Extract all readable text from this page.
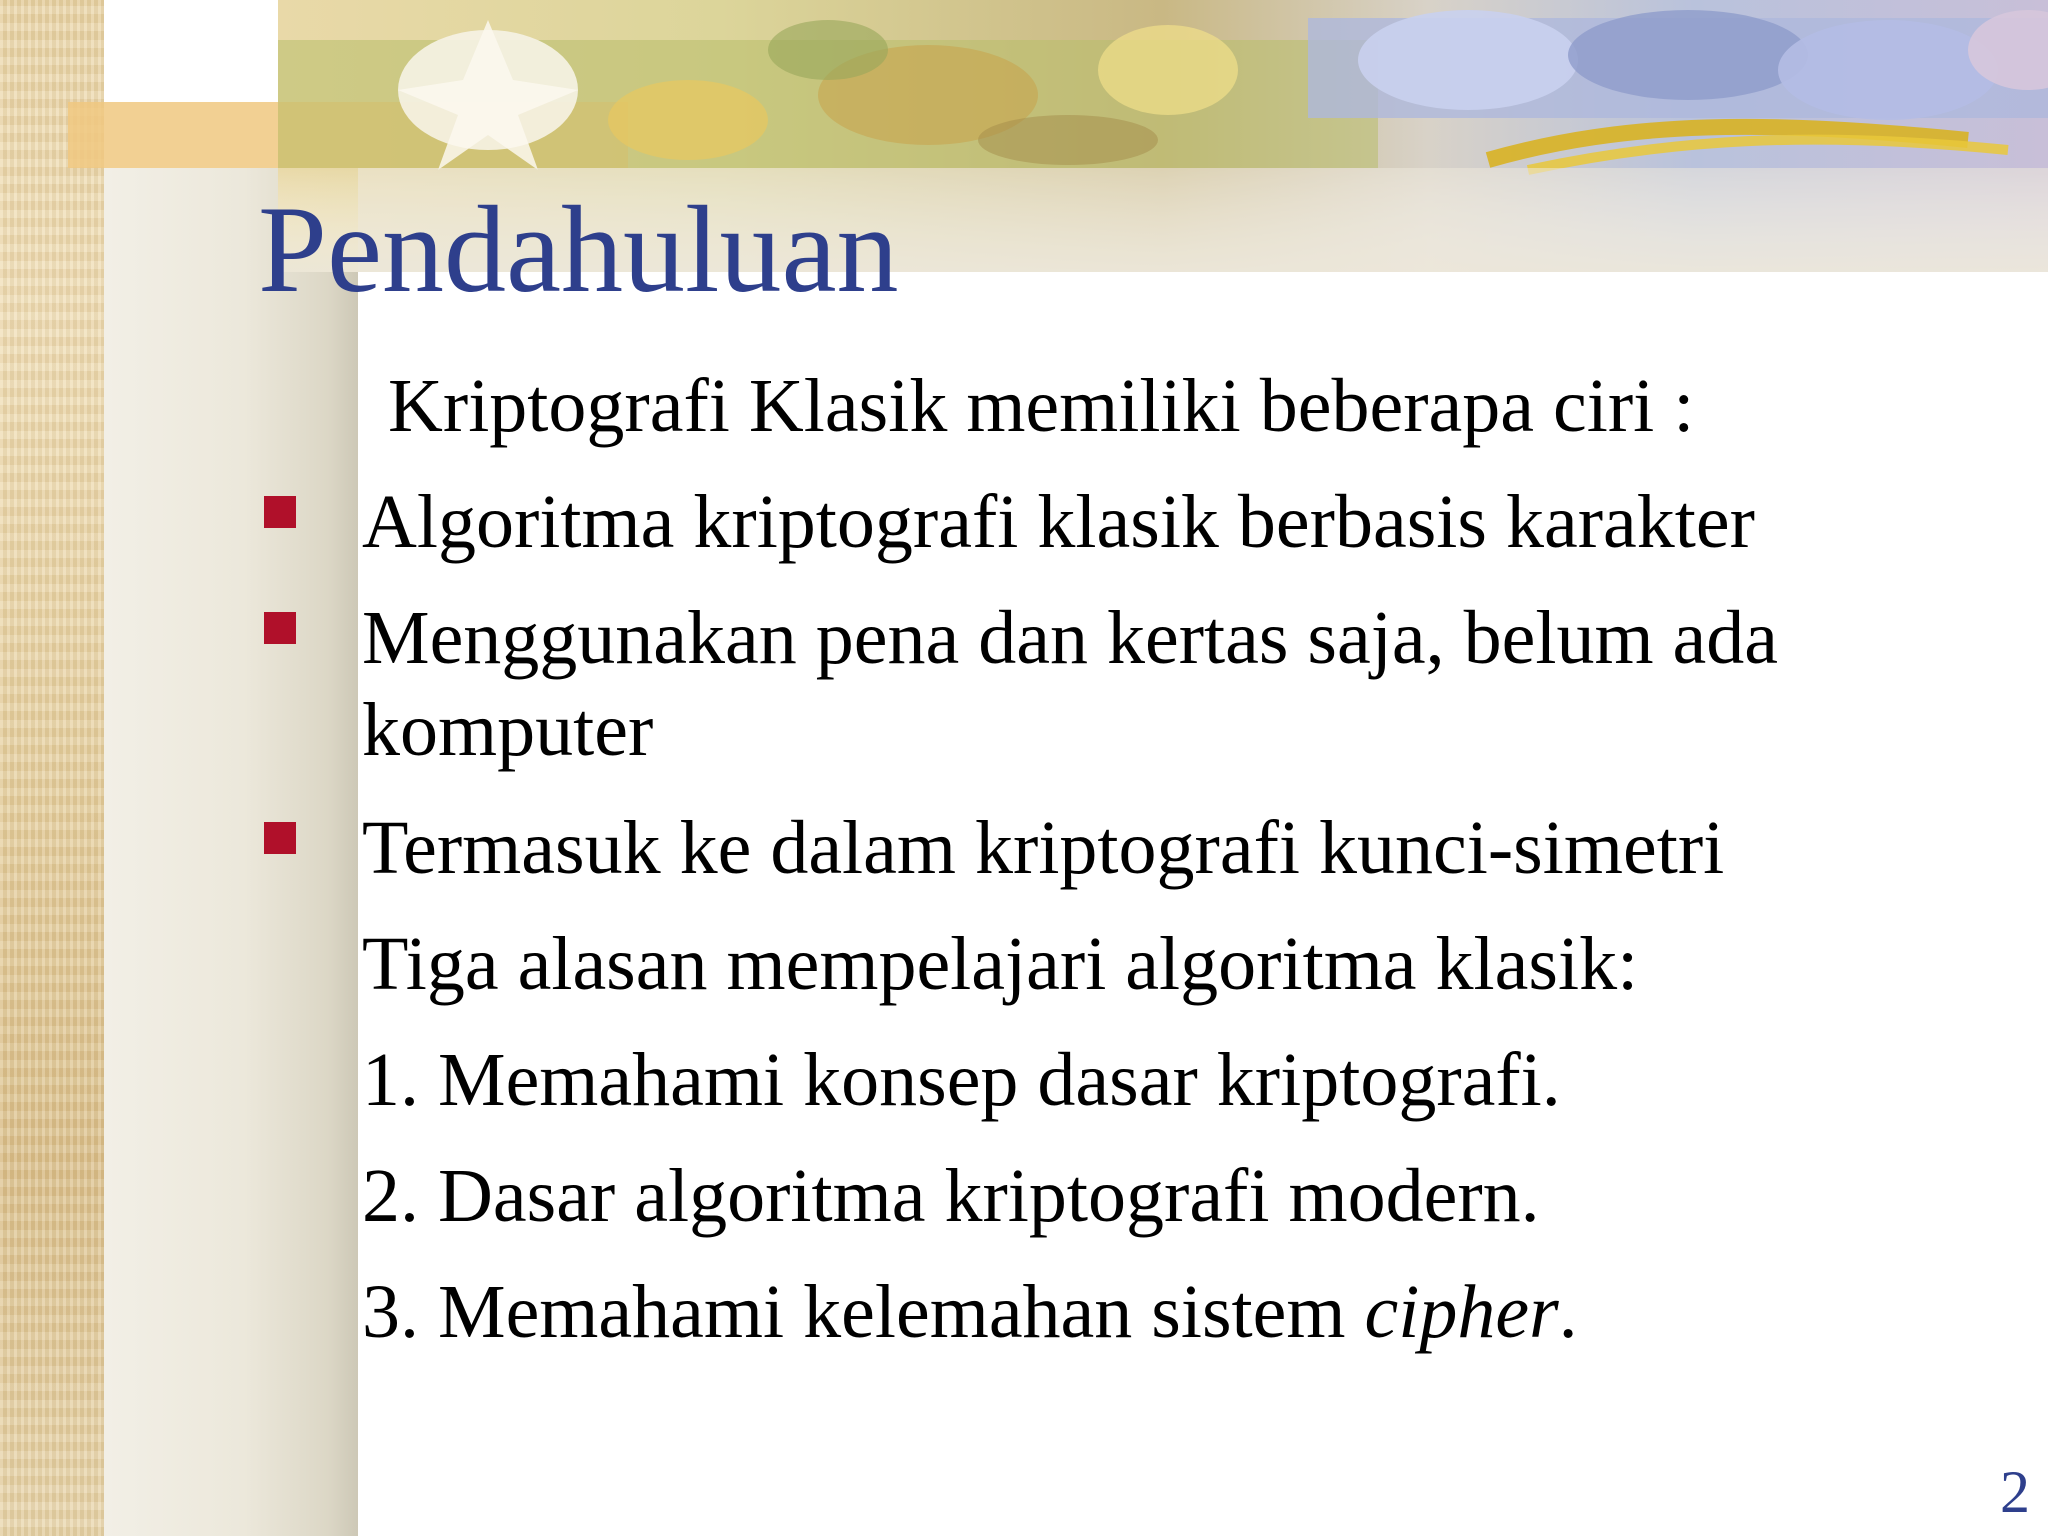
Pendahuluan
Kriptografi Klasik memiliki beberapa ciri :
Algoritma kriptografi klasik berbasis karakter
Menggunakan pena dan kertas saja, belum ada
komputer
Termasuk ke dalam kriptografi kunci-simetri
Tiga alasan mempelajari algoritma klasik:
1. Memahami konsep dasar kriptografi.
2. Dasar algoritma kriptografi modern.
3. Memahami kelemahan sistem cipher.
2
